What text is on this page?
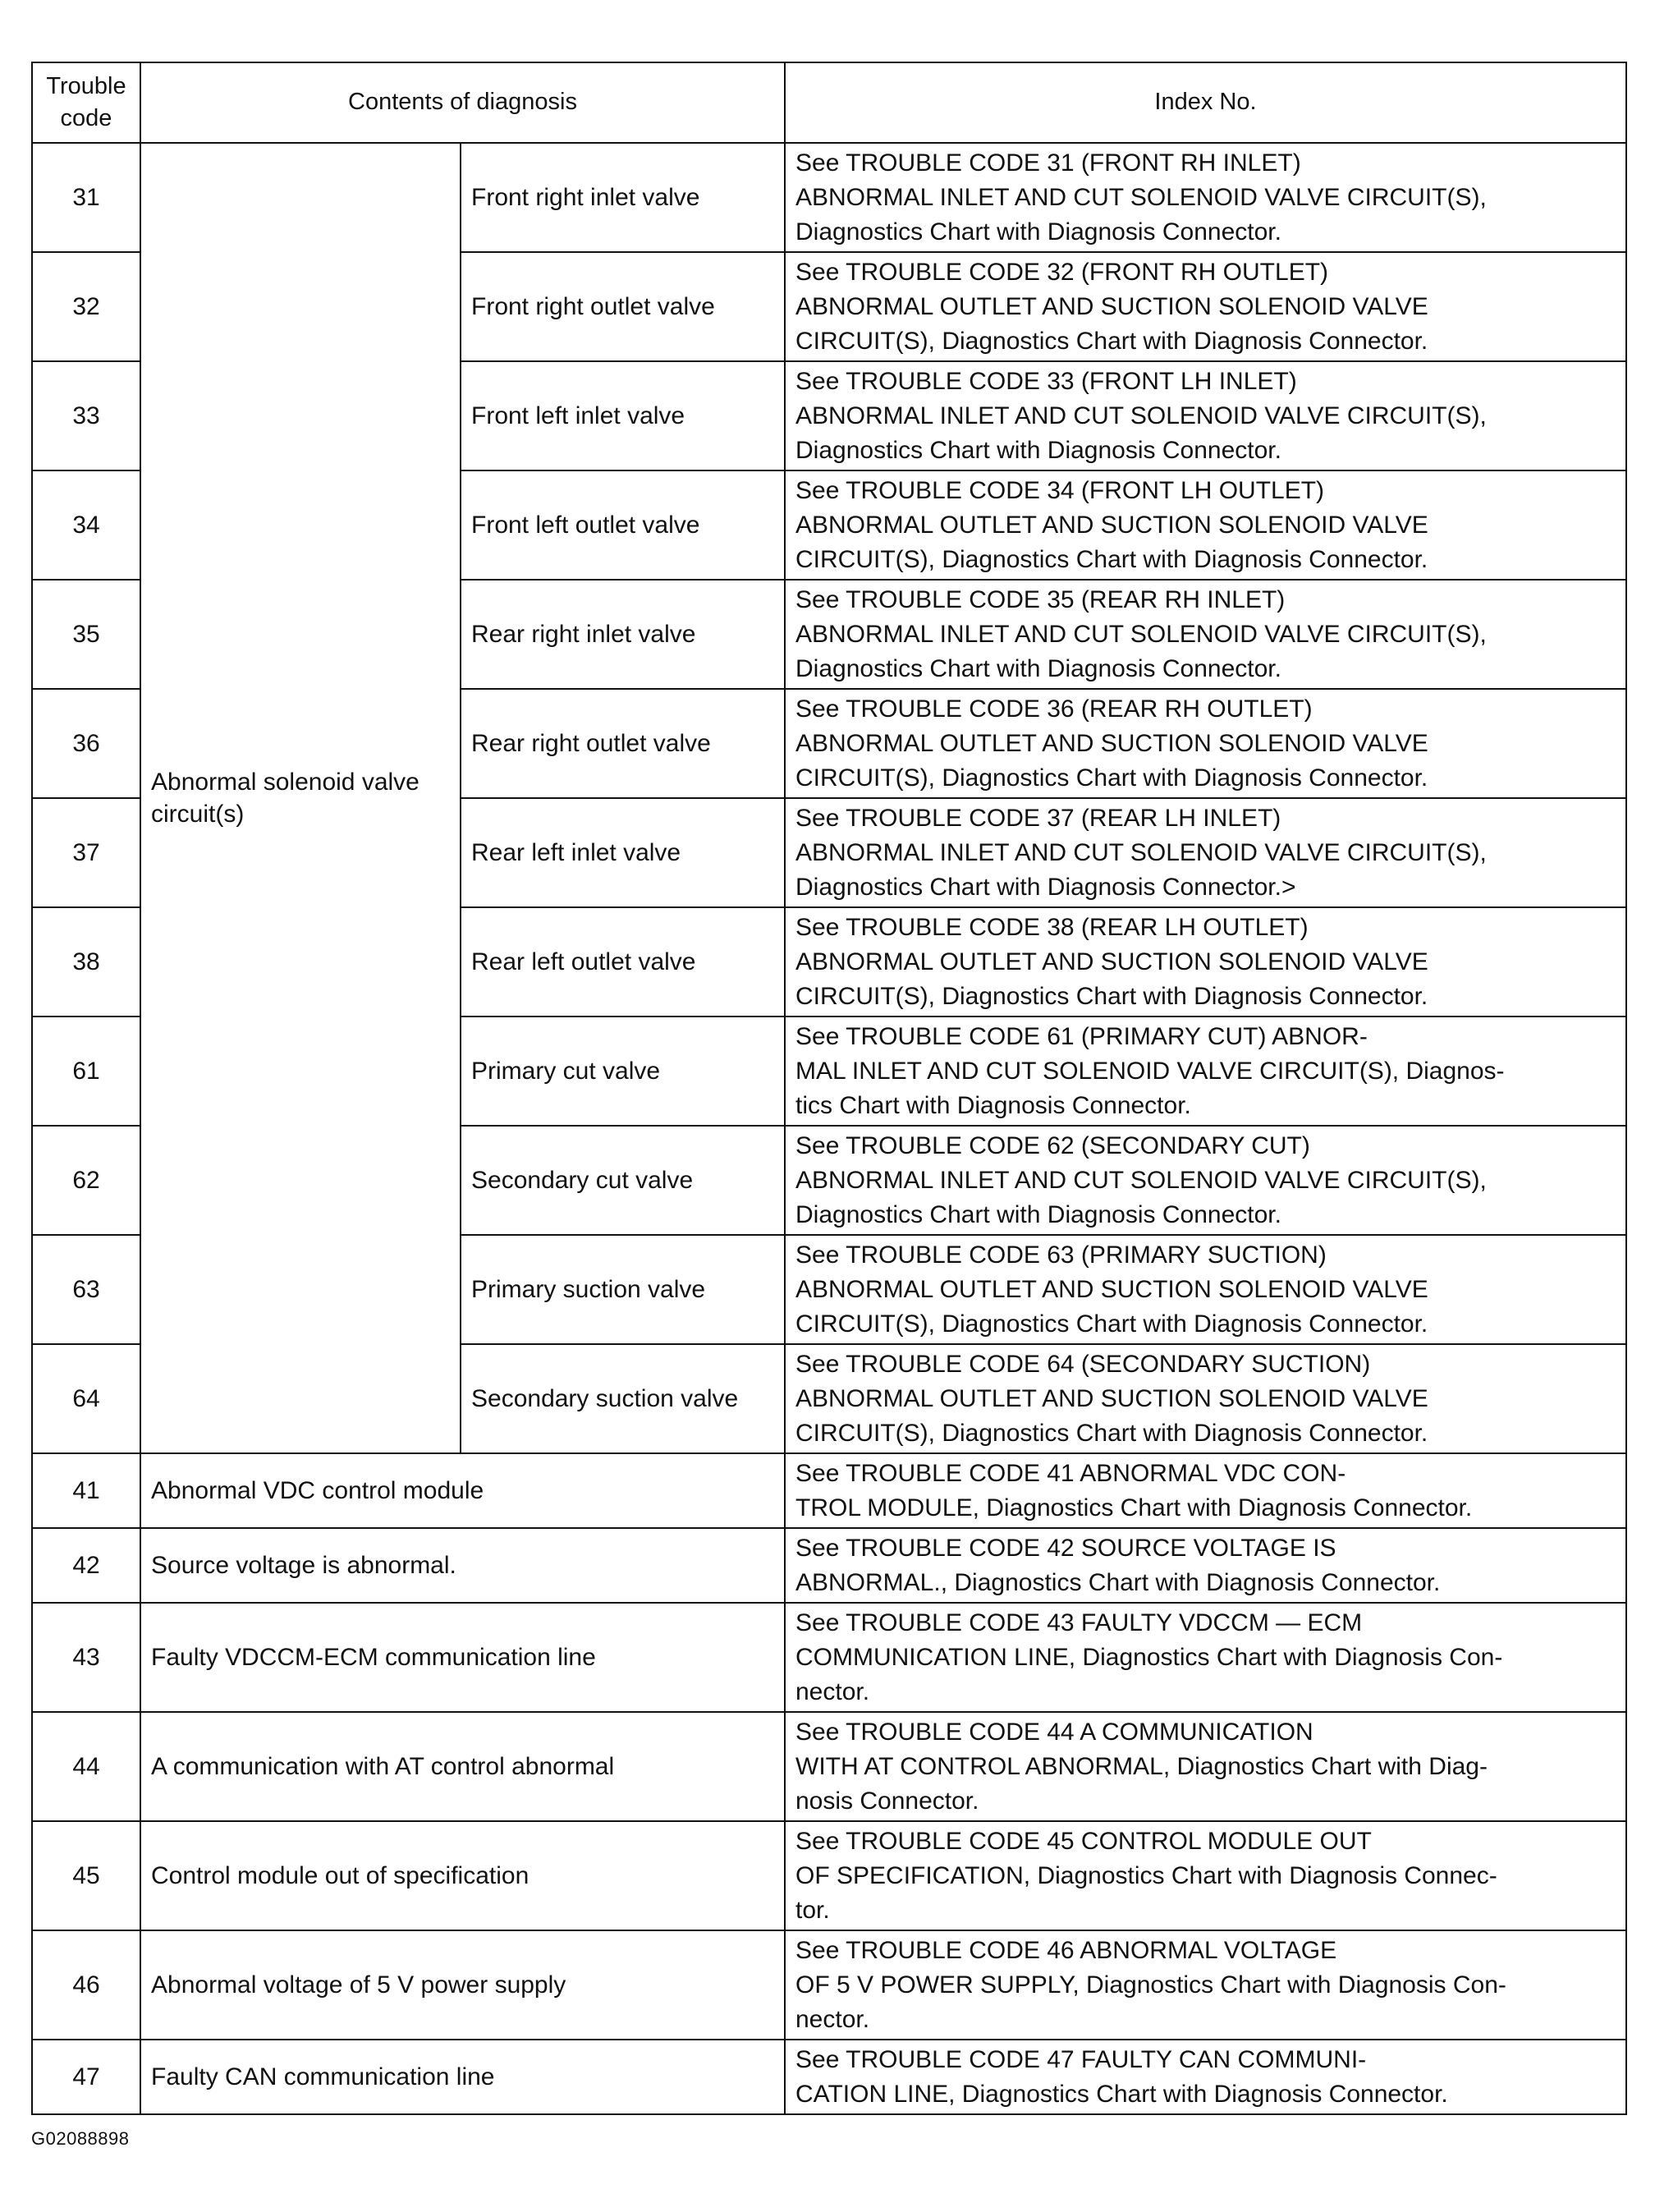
Trouble code	Contents of diagnosis		Index No.
31	Abnormal solenoid valve circuit(s)	Front right inlet valve	See TROUBLE CODE 31 (FRONT RH INLET)
ABNORMAL INLET AND CUT SOLENOID VALVE CIRCUIT(S),
Diagnostics Chart with Diagnosis Connector.

32		Front right outlet valve	See TROUBLE CODE 32 (FRONT RH OUTLET)
ABNORMAL OUTLET AND SUCTION SOLENOID VALVE
CIRCUIT(S), Diagnostics Chart with Diagnosis Connector.

33		Front left inlet valve	See TROUBLE CODE 33 (FRONT LH INLET)
ABNORMAL INLET AND CUT SOLENOID VALVE CIRCUIT(S),
Diagnostics Chart with Diagnosis Connector.

34		Front left outlet valve	See TROUBLE CODE 34 (FRONT LH OUTLET)
ABNORMAL OUTLET AND SUCTION SOLENOID VALVE
CIRCUIT(S), Diagnostics Chart with Diagnosis Connector.

35		Rear right inlet valve	See TROUBLE CODE 35 (REAR RH INLET)
ABNORMAL INLET AND CUT SOLENOID VALVE CIRCUIT(S),
Diagnostics Chart with Diagnosis Connector.

36		Rear right outlet valve	See TROUBLE CODE 36 (REAR RH OUTLET)
ABNORMAL OUTLET AND SUCTION SOLENOID VALVE
CIRCUIT(S), Diagnostics Chart with Diagnosis Connector.

37		Rear left inlet valve	See TROUBLE CODE 37 (REAR LH INLET)
ABNORMAL INLET AND CUT SOLENOID VALVE CIRCUIT(S),
Diagnostics Chart with Diagnosis Connector.>

38		Rear left outlet valve	See TROUBLE CODE 38 (REAR LH OUTLET)
ABNORMAL OUTLET AND SUCTION SOLENOID VALVE
CIRCUIT(S), Diagnostics Chart with Diagnosis Connector.

61		Primary cut valve	See TROUBLE CODE 61 (PRIMARY CUT) ABNOR-
MAL INLET AND CUT SOLENOID VALVE CIRCUIT(S), Diagnos-
tics Chart with Diagnosis Connector.

62		Secondary cut valve	See TROUBLE CODE 62 (SECONDARY CUT)
ABNORMAL INLET AND CUT SOLENOID VALVE CIRCUIT(S),
Diagnostics Chart with Diagnosis Connector.

63		Primary suction valve	See TROUBLE CODE 63 (PRIMARY SUCTION)
ABNORMAL OUTLET AND SUCTION SOLENOID VALVE
CIRCUIT(S), Diagnostics Chart with Diagnosis Connector.

64		Secondary suction valve	See TROUBLE CODE 64 (SECONDARY SUCTION)
ABNORMAL OUTLET AND SUCTION SOLENOID VALVE
CIRCUIT(S), Diagnostics Chart with Diagnosis Connector.

41	Abnormal VDC control module		See TROUBLE CODE 41 ABNORMAL VDC CON-
TROL MODULE, Diagnostics Chart with Diagnosis Connector.

42	Source voltage is abnormal.		See TROUBLE CODE 42 SOURCE VOLTAGE IS
ABNORMAL., Diagnostics Chart with Diagnosis Connector.

43	Faulty VDCCM-ECM communication line		See TROUBLE CODE 43 FAULTY VDCCM — ECM
COMMUNICATION LINE, Diagnostics Chart with Diagnosis Con-
nector.

44	A communication with AT control abnormal		See TROUBLE CODE 44 A COMMUNICATION
WITH AT CONTROL ABNORMAL, Diagnostics Chart with Diag-
nosis Connector.

45	Control module out of specification		See TROUBLE CODE 45 CONTROL MODULE OUT
OF SPECIFICATION, Diagnostics Chart with Diagnosis Connec-
tor.

46	Abnormal voltage of 5 V power supply		See TROUBLE CODE 46 ABNORMAL VOLTAGE
OF 5 V POWER SUPPLY, Diagnostics Chart with Diagnosis Con-
nector.

47	Faulty CAN communication line		See TROUBLE CODE 47 FAULTY CAN COMMUNI-
CATION LINE, Diagnostics Chart with Diagnosis Connector.
G02088898
